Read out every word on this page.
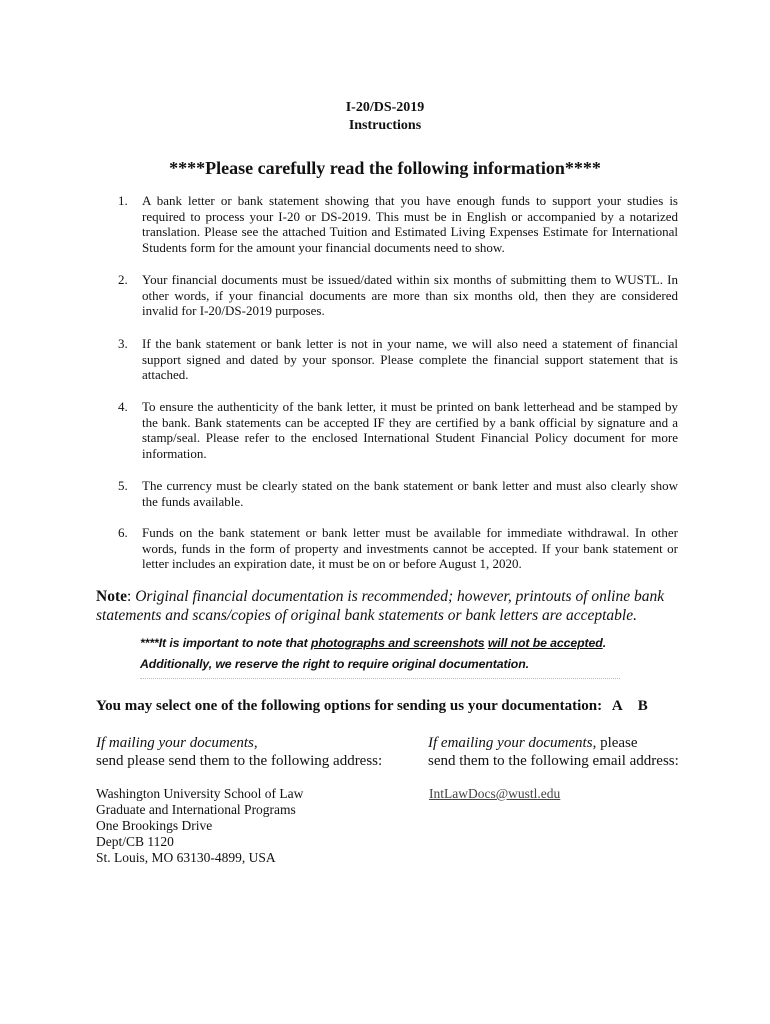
I-20/DS-2019
Instructions
****Please carefully read the following information****
1. A bank letter or bank statement showing that you have enough funds to support your studies is required to process your I-20 or DS-2019. This must be in English or accompanied by a notarized translation. Please see the attached Tuition and Estimated Living Expenses Estimate for International Students form for the amount your financial documents need to show.
2. Your financial documents must be issued/dated within six months of submitting them to WUSTL. In other words, if your financial documents are more than six months old, then they are considered invalid for I-20/DS-2019 purposes.
3. If the bank statement or bank letter is not in your name, we will also need a statement of financial support signed and dated by your sponsor. Please complete the financial support statement that is attached.
4. To ensure the authenticity of the bank letter, it must be printed on bank letterhead and be stamped by the bank. Bank statements can be accepted IF they are certified by a bank official by signature and a stamp/seal. Please refer to the enclosed International Student Financial Policy document for more information.
5. The currency must be clearly stated on the bank statement or bank letter and must also clearly show the funds available.
6. Funds on the bank statement or bank letter must be available for immediate withdrawal. In other words, funds in the form of property and investments cannot be accepted. If your bank statement or letter includes an expiration date, it must be on or before August 1, 2020.
Note: Original financial documentation is recommended; however, printouts of online bank statements and scans/copies of original bank statements or bank letters are acceptable.
****It is important to note that photographs and screenshots will not be accepted. Additionally, we reserve the right to require original documentation.
You may select one of the following options for sending us your documentation: A B
If mailing your documents,
send please send them to the following address:
If emailing your documents, please
send them to the following email address:
Washington University School of Law
Graduate and International Programs
One Brookings Drive
Dept/CB 1120
St. Louis, MO 63130-4899, USA
IntLawDocs@wustl.edu
